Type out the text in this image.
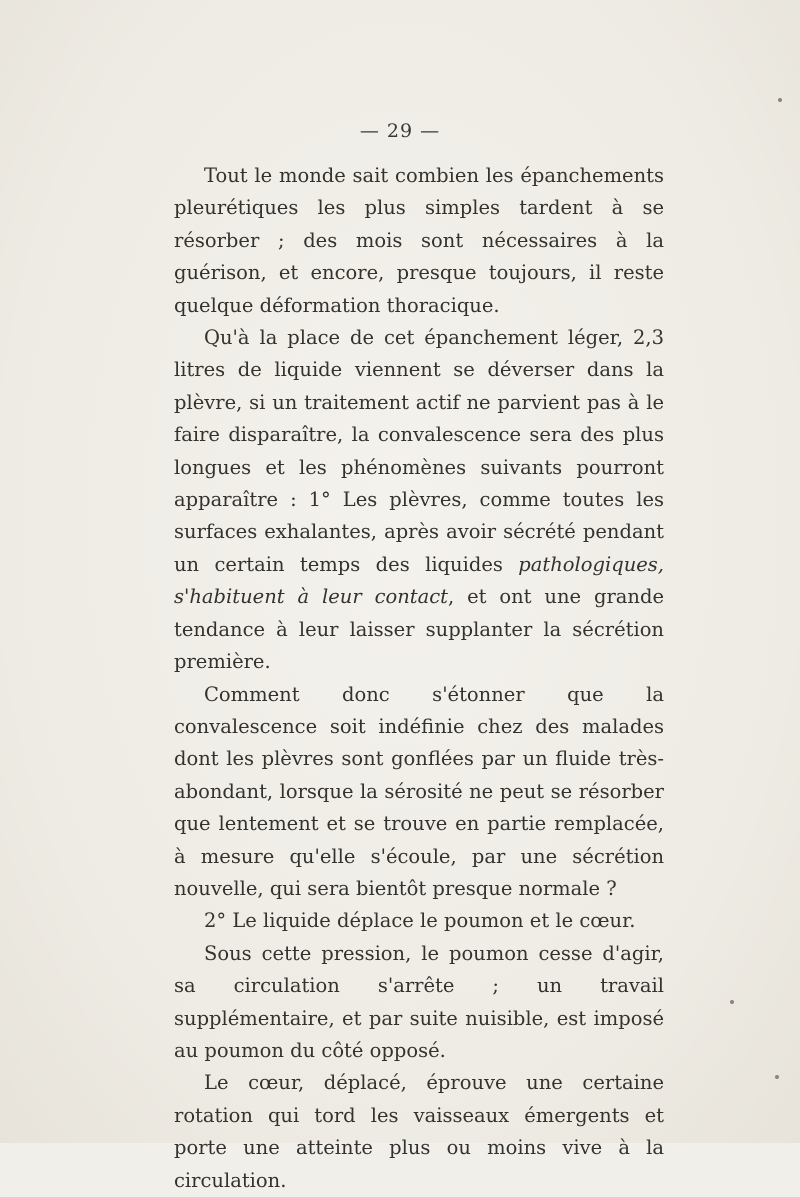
— 29 —

Tout le monde sait combien les épanchements pleurétiques les plus simples tardent à se résorber ; des mois sont nécessaires à la guérison, et encore, presque toujours, il reste quelque déformation thoracique.

Qu'à la place de cet épanchement léger, 2,3 litres de liquide viennent se déverser dans la plèvre, si un traitement actif ne parvient pas à le faire disparaître, la convalescence sera des plus longues et les phénomènes suivants pourront apparaître : 1° Les plèvres, comme toutes les surfaces exhalantes, après avoir sécrété pendant un certain temps des liquides pathologiques, s'habituent à leur contact, et ont une grande tendance à leur laisser supplanter la sécrétion première.

Comment donc s'étonner que la convalescence soit indéfinie chez des malades dont les plèvres sont gonflées par un fluide très-abondant, lorsque la sérosité ne peut se résorber que lentement et se trouve en partie remplacée, à mesure qu'elle s'écoule, par une sécrétion nouvelle, qui sera bientôt presque normale ?

2° Le liquide déplace le poumon et le cœur.

Sous cette pression, le poumon cesse d'agir, sa circulation s'arrête ; un travail supplémentaire, et par suite nuisible, est imposé au poumon du côté opposé.

Le cœur, déplacé, éprouve une certaine rotation qui tord les vaisseaux émergents et porte une atteinte plus ou moins vive à la circulation.
